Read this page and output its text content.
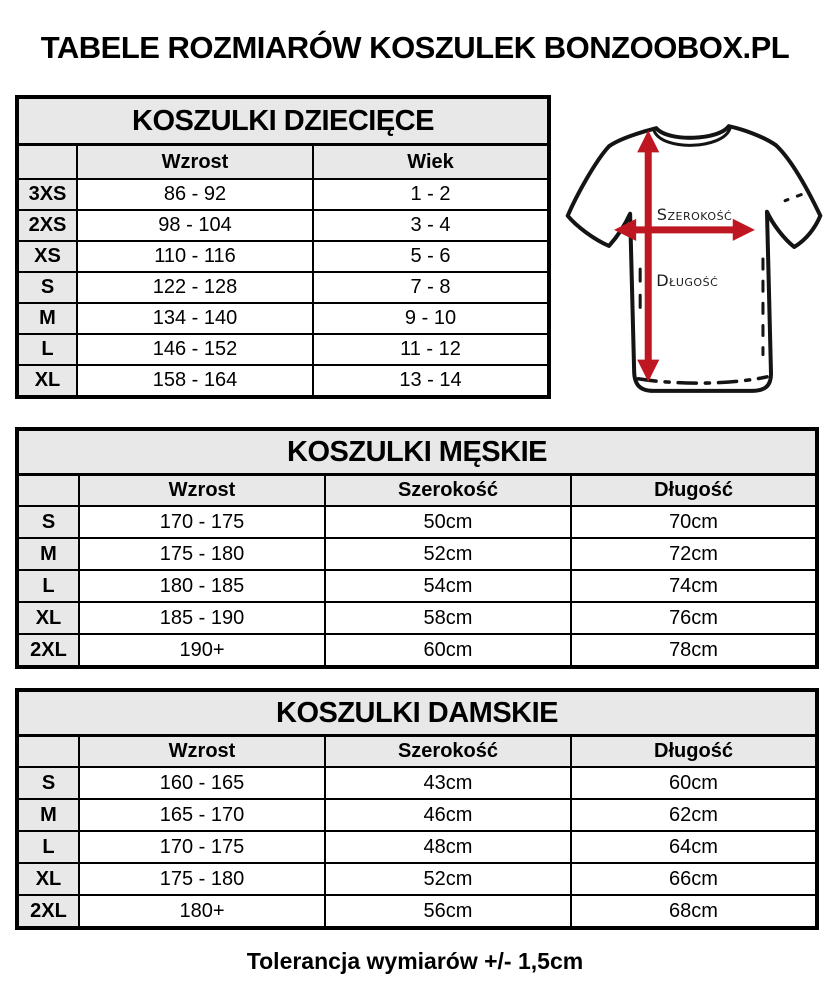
TABELE ROZMIARÓW KOSZULEK BONZOOBOX.PL
KOSZULKI DZIECIĘCE		
	Wzrost	Wiek
3XS	86 - 92	1 - 2
2XS	98 - 104	3 - 4
XS	110 - 116	5 - 6
S	122 - 128	7 - 8
M	134 - 140	9 - 10
L	146 - 152	11 - 12
XL	158 - 164	13 - 14
Szerokość
Długość
KOSZULKI MĘSKIE			
	Wzrost	Szerokość	Długość
S	170 - 175	50cm	70cm
M	175 - 180	52cm	72cm
L	180 - 185	54cm	74cm
XL	185 - 190	58cm	76cm
2XL	190+	60cm	78cm
KOSZULKI DAMSKIE			
	Wzrost	Szerokość	Długość
S	160 - 165	43cm	60cm
M	165 - 170	46cm	62cm
L	170 - 175	48cm	64cm
XL	175 - 180	52cm	66cm
2XL	180+	56cm	68cm
Tolerancja wymiarów +/- 1,5cm
